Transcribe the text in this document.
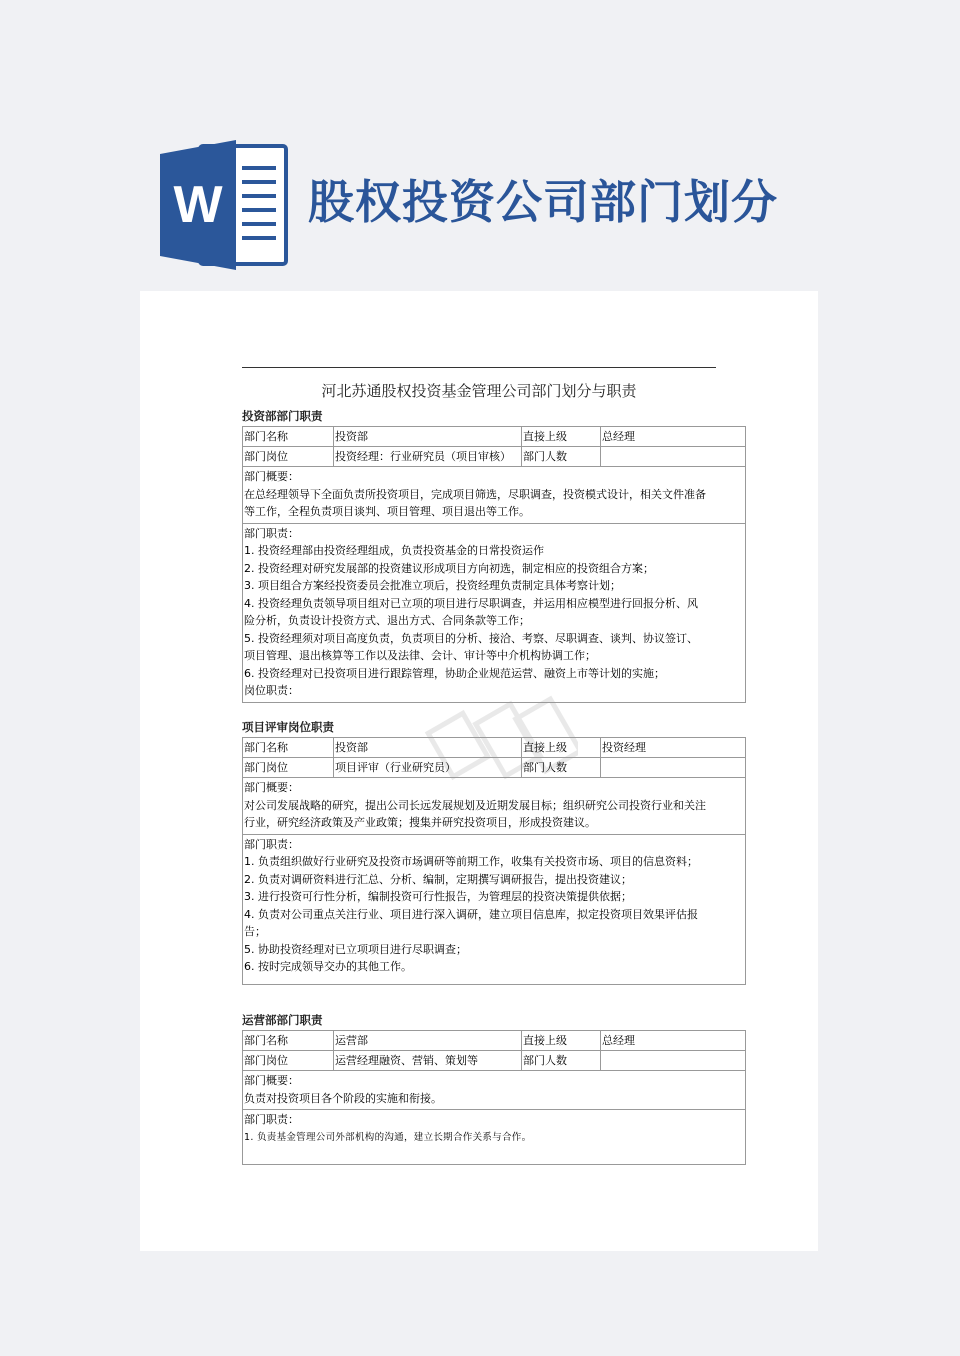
W 股权投资公司部门划分
河北苏通股权投资基金管理公司部门划分与职责
投资部部门职责
部门名称	投资部	直接上级	总经理
部门岗位	投资经理：行业研究员（项目审核）	部门人数
部门概要：
在总经理领导下全面负责所投资项目，完成项目筛选，尽职调查，投资模式设计，相关文件准备
等工作，全程负责项目谈判、项目管理、项目退出等工作。
部门职责：
1. 投资经理部由投资经理组成，负责投资基金的日常投资运作
2. 投资经理对研究发展部的投资建议形成项目方向初选，制定相应的投资组合方案；
3. 项目组合方案经投资委员会批准立项后，投资经理负责制定具体考察计划；
4. 投资经理负责领导项目组对已立项的项目进行尽职调查，并运用相应模型进行回报分析、风
险分析，负责设计投资方式、退出方式、合同条款等工作；
5. 投资经理须对项目高度负责，负责项目的分析、接洽、考察、尽职调查、谈判、协议签订、
项目管理、退出核算等工作以及法律、会计、审计等中介机构协调工作；
6. 投资经理对已投资项目进行跟踪管理，协助企业规范运营、融资上市等计划的实施；
岗位职责：
项目评审岗位职责
部门名称	投资部	直接上级	投资经理
部门岗位	项目评审（行业研究员）	部门人数
部门概要：
对公司发展战略的研究，提出公司长远发展规划及近期发展目标；组织研究公司投资行业和关注
行业，研究经济政策及产业政策；搜集并研究投资项目，形成投资建议。
部门职责：
1. 负责组织做好行业研究及投资市场调研等前期工作，收集有关投资市场、项目的信息资料；
2. 负责对调研资料进行汇总、分析、编制，定期撰写调研报告，提出投资建议；
3. 进行投资可行性分析，编制投资可行性报告，为管理层的投资决策提供依据；
4. 负责对公司重点关注行业、项目进行深入调研，建立项目信息库，拟定投资项目效果评估报
告；
5. 协助投资经理对已立项项目进行尽职调查；
6. 按时完成领导交办的其他工作。
运营部部门职责
部门名称	运营部	直接上级	总经理
部门岗位	运营经理融资、营销、策划等	部门人数
部门概要：
负责对投资项目各个阶段的实施和衔接。
部门职责：
1. 负责基金管理公司外部机构的沟通，建立长期合作关系与合作。
